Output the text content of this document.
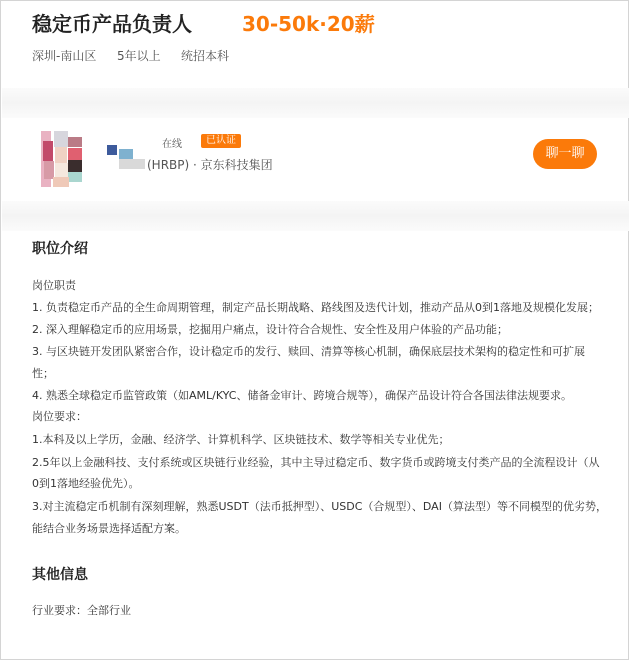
稳定币产品负责人	30-50k·20薪
深圳-南山区 5年以上 统招本科
在线	已认证
(HRBP) · 京东科技集团
聊一聊
职位介绍
岗位职责
1. 负责稳定币产品的全生命周期管理，制定产品长期战略、路线图及迭代计划，推动产品从0到1落地及规模化发展；
2. 深入理解稳定币的应用场景，挖掘用户痛点，设计符合合规性、安全性及用户体验的产品功能；
3. 与区块链开发团队紧密合作，设计稳定币的发行、赎回、清算等核心机制，确保底层技术架构的稳定性和可扩展
性；
4. 熟悉全球稳定币监管政策（如AML/KYC、储备金审计、跨境合规等），确保产品设计符合各国法律法规要求。
岗位要求：
1.本科及以上学历，金融、经济学、计算机科学、区块链技术、数学等相关专业优先；
2.5年以上金融科技、支付系统或区块链行业经验，其中主导过稳定币、数字货币或跨境支付类产品的全流程设计（从
0到1落地经验优先）。
3.对主流稳定币机制有深刻理解，熟悉USDT（法币抵押型）、USDC（合规型）、DAI（算法型）等不同模型的优劣势，
能结合业务场景选择适配方案。
其他信息
行业要求：全部行业
